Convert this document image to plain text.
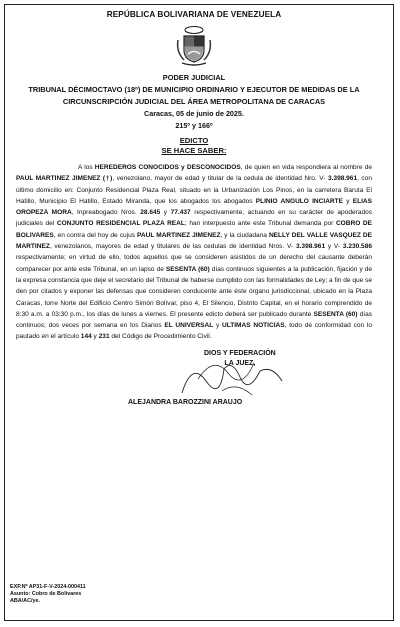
REPÚBLICA BOLIVARIANA DE VENEZUELA
PODER JUDICIAL
TRIBUNAL DÉCIMOCTAVO (18º) DE MUNICIPIO ORDINARIO Y EJECUTOR DE MEDIDAS DE LA
CIRCUNSCRIPCIÓN JUDICIAL DEL ÁREA METROPOLITANA DE CARACAS
Caracas, 05 de junio de 2025.
215º y 166º
EDICTO
SE HACE SABER:
A los HEREDEROS CONOCIDOS y DESCONOCIDOS, de quien en vida respondiera al nombre de PAUL MARTINEZ JIMENEZ (†), venezolano, mayor de edad y titular de la cedula de identidad Nro. V- 3.398.961, con último domicilio en: Conjunto Residencial Plaza Real, situado en la Urbanización Los Pinos, en la carretera Baruta El Hatillo, Municipio El Hatillo, Estado Miranda, que los abogados los abogados PLINIO ANGULO INCIARTE y ELIAS OROPEZA MORA, Inpreabogado Nros. 28.645 y 77.437 respectivamente, actuando en su carácter de apoderados judiciales del CONJUNTO RESIDENCIAL PLAZA REAL; han interpuesto ante este Tribunal demanda por COBRO DE BOLIVARES, en contra del hoy de cujus PAUL MARTINEZ JIMENEZ, y la ciudadana NELLY DEL VALLE VASQUEZ DE MARTINEZ, venezolanos, mayores de edad y titulares de las cedulas de identidad Nros. V- 3.398.961 y V- 3.230.586 respectivamente; en virtud de ello, todos aquellos que se consideren asistidos de un derecho del causante deberán comparecer por ante este Tribunal, en un lapso de SESENTA (60) días continuos siguientes a la publicación, fijación y de la expresa constancia que deje el secretario del Tribunal de haberse cumplido con las formalidades de Ley; a fin de que se den por citados y exponer las defensas que consideren conducente ante éste órgano jurisdiccional, ubicado en la Plaza Caracas, torre Norte del Edificio Centro Simón Bolívar, piso 4, El Silencio, Distrito Capital, en el horario comprendido de 8:30 a.m. a 03:30 p.m., los días de lunes a viernes. El presente edicto deberá ser publicado durante SESENTA (60) días continuos; dos veces por semana en los Diarios EL UNIVERSAL y ULTIMAS NOTICIAS, todo de conformidad con lo pautado en el artículo 144 y 231 del Código de Procedimiento Civil.
DIOS Y FEDERACIÓN
LA JUEZ,
ALEJANDRA BAROZZINI ARAUJO
EXP.Nº AP31-F-V-2024-000411
Asunto: Cobro de Bolivares
ABA/AC/ye.
